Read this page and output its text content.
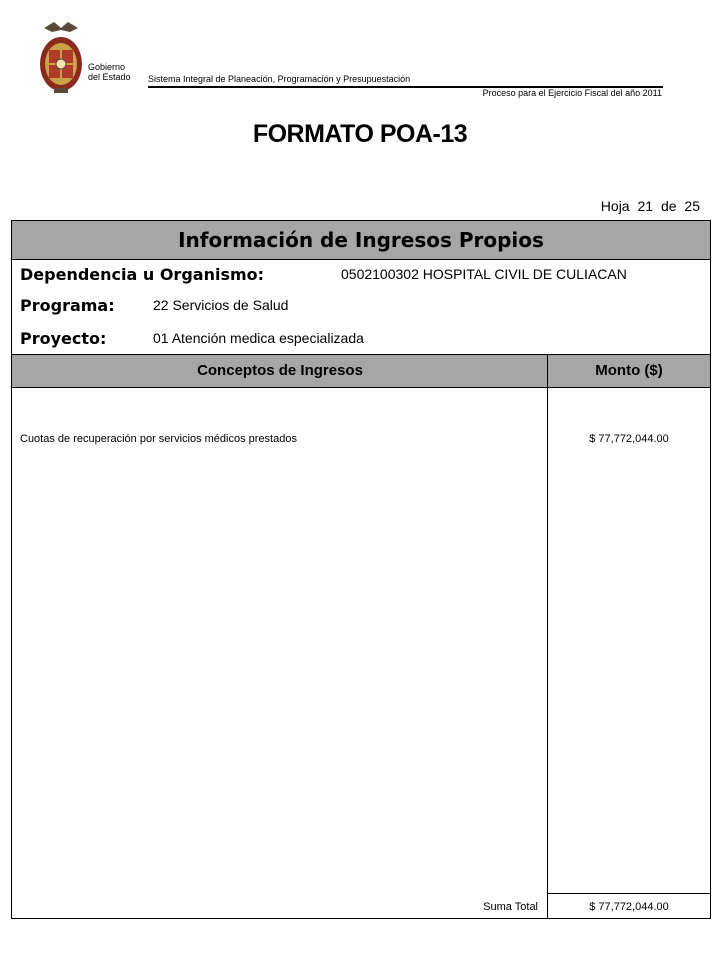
Gobierno
del Estado Sistema Integral de Planeación, Programación y Presupuestación
Proceso para el Ejercicio Fiscal del año 2011
FORMATO POA-13
Hoja 21 de 25
Información de Ingresos Propios
Dependencia u Organismo:	0502100302 HOSPITAL CIVIL DE CULIACAN
Programa:	22 Servicios de Salud
Proyecto:	01 Atención medica especializada
Conceptos de Ingresos	Monto ($)
Cuotas de recuperación por servicios médicos prestados	$ 77,772,044.00
Suma Total	$ 77,772,044.00
